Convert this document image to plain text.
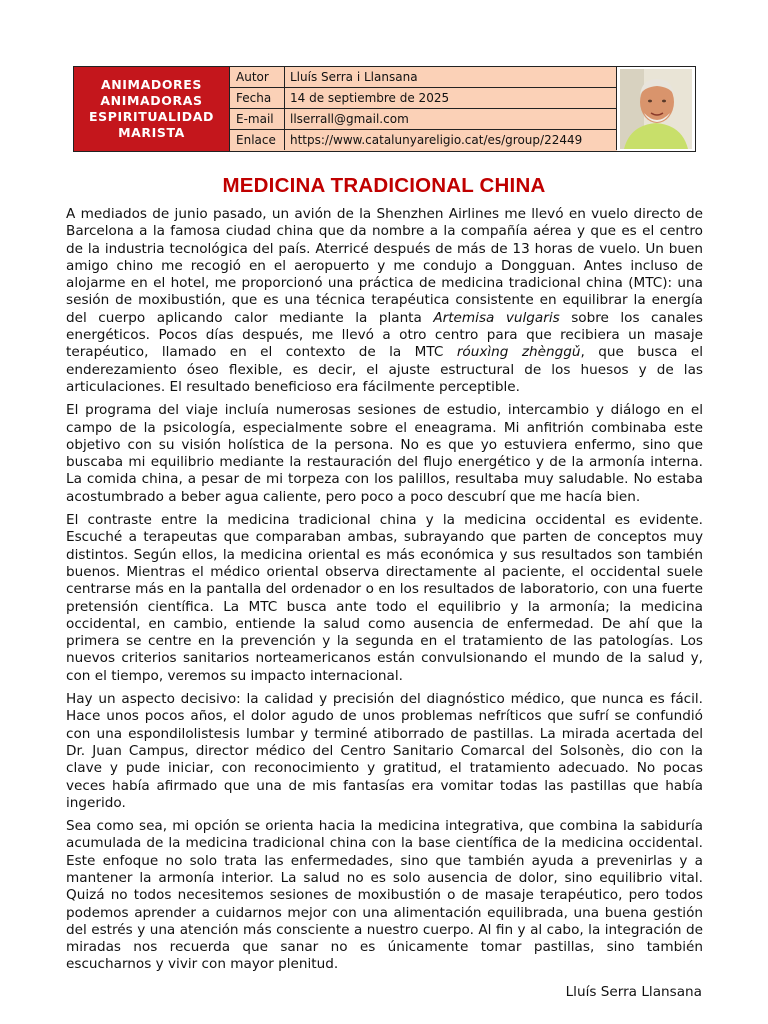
ANIMADORES
ANIMADORAS
ESPIRITUALIDAD
MARISTA
Autor	Lluís Serra i Llansana
Fecha	14 de septiembre de 2025
E-mail	llserrall@gmail.com
Enlace	https://www.catalunyareligio.cat/es/group/22449
MEDICINA TRADICIONAL CHINA

A mediados de junio pasado, un avión de la Shenzhen Airlines me llevó en vuelo directo de Barcelona a la famosa ciudad china que da nombre a la compañía aérea y que es el centro de la industria tecnológica del país. Aterricé después de más de 13 horas de vuelo. Un buen amigo chino me recogió en el aeropuerto y me condujo a Dongguan. Antes incluso de alojarme en el hotel, me proporcionó una práctica de medicina tradicional china (MTC): una sesión de moxibustión, que es una técnica terapéutica consistente en equilibrar la energía del cuerpo aplicando calor mediante la planta Artemisa vulgaris sobre los canales energéticos. Pocos días después, me llevó a otro centro para que recibiera un masaje terapéutico, llamado en el contexto de la MTC róuxìng zhènggǔ, que busca el enderezamiento óseo flexible, es decir, el ajuste estructural de los huesos y de las articulaciones. El resultado beneficioso era fácilmente perceptible.

El programa del viaje incluía numerosas sesiones de estudio, intercambio y diálogo en el campo de la psicología, especialmente sobre el eneagrama. Mi anfitrión combinaba este objetivo con su visión holística de la persona. No es que yo estuviera enfermo, sino que buscaba mi equilibrio mediante la restauración del flujo energético y de la armonía interna. La comida china, a pesar de mi torpeza con los palillos, resultaba muy saludable. No estaba acostumbrado a beber agua caliente, pero poco a poco descubrí que me hacía bien.

El contraste entre la medicina tradicional china y la medicina occidental es evidente. Escuché a terapeutas que comparaban ambas, subrayando que parten de conceptos muy distintos. Según ellos, la medicina oriental es más económica y sus resultados son también buenos. Mientras el médico oriental observa directamente al paciente, el occidental suele centrarse más en la pantalla del ordenador o en los resultados de laboratorio, con una fuerte pretensión científica. La MTC busca ante todo el equilibrio y la armonía; la medicina occidental, en cambio, entiende la salud como ausencia de enfermedad. De ahí que la primera se centre en la prevención y la segunda en el tratamiento de las patologías. Los nuevos criterios sanitarios norteamericanos están convulsionando el mundo de la salud y, con el tiempo, veremos su impacto internacional.

Hay un aspecto decisivo: la calidad y precisión del diagnóstico médico, que nunca es fácil. Hace unos pocos años, el dolor agudo de unos problemas nefríticos que sufrí se confundió con una espondilolistesis lumbar y terminé atiborrado de pastillas. La mirada acertada del Dr. Juan Campus, director médico del Centro Sanitario Comarcal del Solsonès, dio con la clave y pude iniciar, con reconocimiento y gratitud, el tratamiento adecuado. No pocas veces había afirmado que una de mis fantasías era vomitar todas las pastillas que había ingerido.

Sea como sea, mi opción se orienta hacia la medicina integrativa, que combina la sabiduría acumulada de la medicina tradicional china con la base científica de la medicina occidental. Este enfoque no solo trata las enfermedades, sino que también ayuda a prevenirlas y a mantener la armonía interior. La salud no es solo ausencia de dolor, sino equilibrio vital. Quizá no todos necesitemos sesiones de moxibustión o de masaje terapéutico, pero todos podemos aprender a cuidarnos mejor con una alimentación equilibrada, una buena gestión del estrés y una atención más consciente a nuestro cuerpo. Al fin y al cabo, la integración de miradas nos recuerda que sanar no es únicamente tomar pastillas, sino también escucharnos y vivir con mayor plenitud.

Lluís Serra Llansana
